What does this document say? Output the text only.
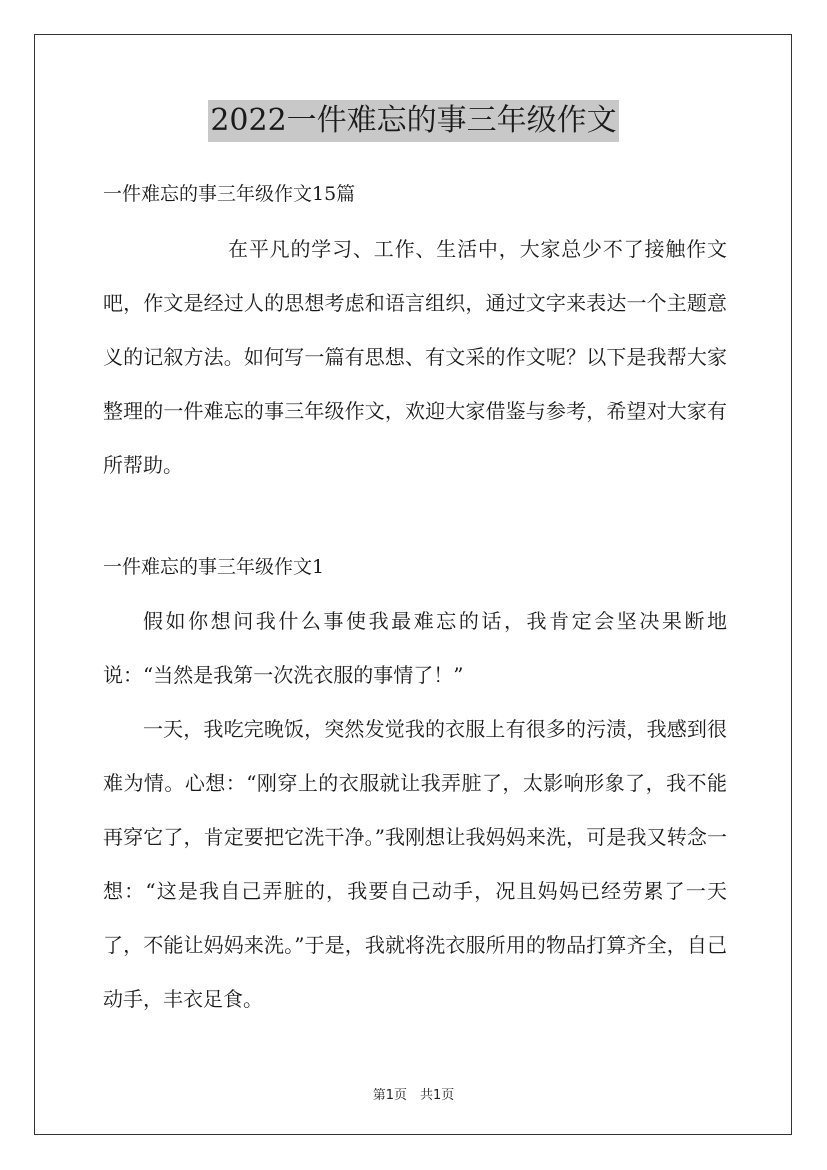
2022一件难忘的事三年级作文
一件难忘的事三年级作文15篇
在平凡的学习、工作、生活中，大家总少不了接触作文吧，作文是经过人的思想考虑和语言组织，通过文字来表达一个主题意义的记叙方法。如何写一篇有思想、有文采的作文呢？以下是我帮大家整理的一件难忘的事三年级作文，欢迎大家借鉴与参考，希望对大家有所帮助。
一件难忘的事三年级作文1
假如你想问我什么事使我最难忘的话，我肯定会坚决果断地说：“当然是我第一次洗衣服的事情了！”
一天，我吃完晚饭，突然发觉我的衣服上有很多的污渍，我感到很难为情。心想：“刚穿上的衣服就让我弄脏了，太影响形象了，我不能再穿它了，肯定要把它洗干净。”我刚想让我妈妈来洗，可是我又转念一想：“这是我自己弄脏的，我要自己动手，况且妈妈已经劳累了一天了，不能让妈妈来洗。”于是，我就将洗衣服所用的物品打算齐全，自己动手，丰衣足食。
第1页　共1页
